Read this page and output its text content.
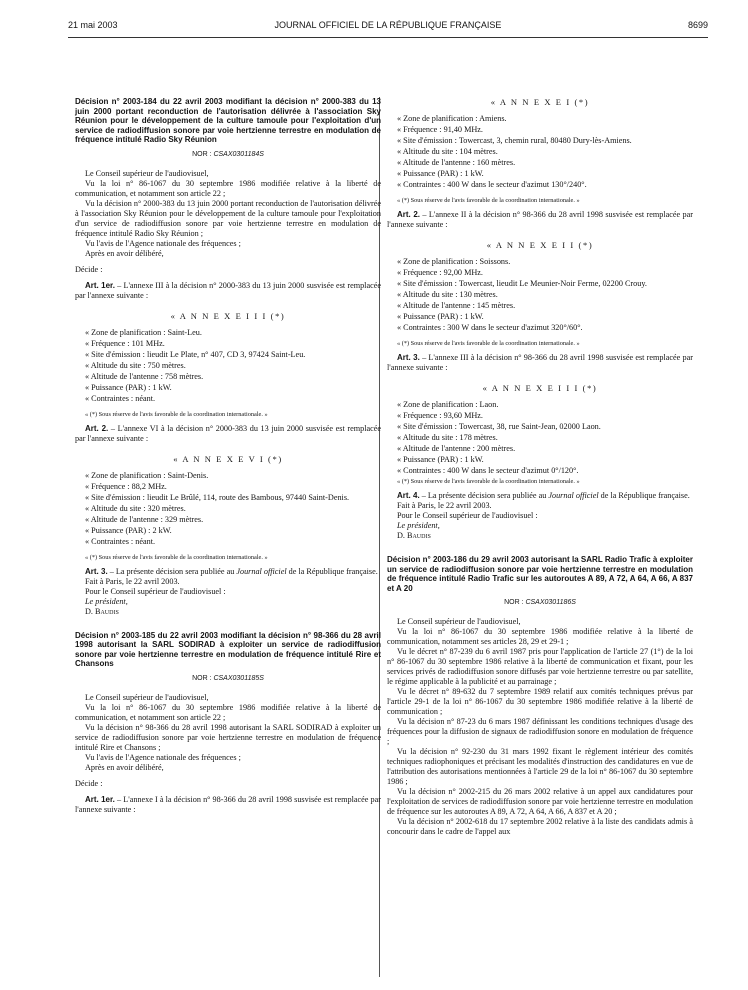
21 mai 2003	JOURNAL OFFICIEL DE LA RÉPUBLIQUE FRANÇAISE	8699

Décision n° 2003-184 du 22 avril 2003 modifiant la décision n° 2000-383 du 13 juin 2000 portant reconduction de l'autorisation délivrée à l'association Sky Réunion pour le développement de la culture tamoule pour l'exploitation d'un service de radiodiffusion sonore par voie hertzienne terrestre en modulation de fréquence intitulé Radio Sky Réunion

NOR : CSAX0301184S

Le Conseil supérieur de l'audiovisuel,

Vu la loi n° 86-1067 du 30 septembre 1986 modifiée relative à la liberté de communication, et notamment son article 22 ;

Vu la décision n° 2000-383 du 13 juin 2000 portant reconduction de l'autorisation délivrée à l'association Sky Réunion pour le développement de la culture tamoule pour l'exploitation d'un service de radiodiffusion sonore par voie hertzienne terrestre en modulation de fréquence intitulé Radio Sky Réunion ;

Vu l'avis de l'Agence nationale des fréquences ;

Après en avoir délibéré,

Décide :

Art. 1er. – L'annexe III à la décision n° 2000-383 du 13 juin 2000 susvisée est remplacée par l'annexe suivante :

« A N N E X E I I I (*)

« Zone de planification : Saint-Leu.

« Fréquence : 101 MHz.

« Site d'émission : lieudit Le Plate, n° 407, CD 3, 97424 Saint-Leu.

« Altitude du site : 750 mètres.

« Altitude de l'antenne : 758 mètres.

« Puissance (PAR) : 1 kW.

« Contraintes : néant.

« (*) Sous réserve de l'avis favorable de la coordination internationale. »

Art. 2. – L'annexe VI à la décision n° 2000-383 du 13 juin 2000 susvisée est remplacée par l'annexe suivante :

« A N N E X E V I (*)

« Zone de planification : Saint-Denis.

« Fréquence : 88,2 MHz.

« Site d'émission : lieudit Le Brûlé, 114, route des Bambous, 97440 Saint-Denis.

« Altitude du site : 320 mètres.

« Altitude de l'antenne : 329 mètres.

« Puissance (PAR) : 2 kW.

« Contraintes : néant.

« (*) Sous réserve de l'avis favorable de la coordination internationale. »

Art. 3. – La présente décision sera publiée au Journal officiel de la République française.

Fait à Paris, le 22 avril 2003.

Pour le Conseil supérieur de l'audiovisuel :

Le président,

D. Baudis

Décision n° 2003-185 du 22 avril 2003 modifiant la décision n° 98-366 du 28 avril 1998 autorisant la SARL SODIRAD à exploiter un service de radiodiffusion sonore par voie hertzienne terrestre en modulation de fréquence intitulé Rire et Chansons

NOR : CSAX0301185S

Le Conseil supérieur de l'audiovisuel,

Vu la loi n° 86-1067 du 30 septembre 1986 modifiée relative à la liberté de communication, et notamment son article 22 ;

Vu la décision n° 98-366 du 28 avril 1998 autorisant la SARL SODIRAD à exploiter un service de radiodiffusion sonore par voie hertzienne terrestre en modulation de fréquence intitulé Rire et Chansons ;

Vu l'avis de l'Agence nationale des fréquences ;

Après en avoir délibéré,

Décide :

Art. 1er. – L'annexe I à la décision n° 98-366 du 28 avril 1998 susvisée est remplacée par l'annexe suivante :

« A N N E X E I (*)

« Zone de planification : Amiens.

« Fréquence : 91,40 MHz.

« Site d'émission : Towercast, 3, chemin rural, 80480 Dury-lès-Amiens.

« Altitude du site : 104 mètres.

« Altitude de l'antenne : 160 mètres.

« Puissance (PAR) : 1 kW.

« Contraintes : 400 W dans le secteur d'azimut 130°/240°.

« (*) Sous réserve de l'avis favorable de la coordination internationale. »

Art. 2. – L'annexe II à la décision n° 98-366 du 28 avril 1998 susvisée est remplacée par l'annexe suivante :

« A N N E X E I I (*)

« Zone de planification : Soissons.

« Fréquence : 92,00 MHz.

« Site d'émission : Towercast, lieudit Le Meunier-Noir Ferme, 02200 Crouy.

« Altitude du site : 130 mètres.

« Altitude de l'antenne : 145 mètres.

« Puissance (PAR) : 1 kW.

« Contraintes : 300 W dans le secteur d'azimut 320°/60°.

« (*) Sous réserve de l'avis favorable de la coordination internationale. »

Art. 3. – L'annexe III à la décision n° 98-366 du 28 avril 1998 susvisée est remplacée par l'annexe suivante :

« A N N E X E I I I (*)

« Zone de planification : Laon.

« Fréquence : 93,60 MHz.

« Site d'émission : Towercast, 38, rue Saint-Jean, 02000 Laon.

« Altitude du site : 178 mètres.

« Altitude de l'antenne : 200 mètres.

« Puissance (PAR) : 1 kW.

« Contraintes : 400 W dans le secteur d'azimut 0°/120°.

« (*) Sous réserve de l'avis favorable de la coordination internationale. »

Art. 4. – La présente décision sera publiée au Journal officiel de la République française.

Fait à Paris, le 22 avril 2003.

Pour le Conseil supérieur de l'audiovisuel :

Le président,

D. Baudis

Décision n° 2003-186 du 29 avril 2003 autorisant la SARL Radio Trafic à exploiter un service de radiodiffusion sonore par voie hertzienne terrestre en modulation de fréquence intitulé Radio Trafic sur les autoroutes A 89, A 72, A 64, A 66, A 837 et A 20

NOR : CSAX0301186S

Le Conseil supérieur de l'audiovisuel,

Vu la loi n° 86-1067 du 30 septembre 1986 modifiée relative à la liberté de communication, notamment ses articles 28, 29 et 29-1 ;

Vu le décret n° 87-239 du 6 avril 1987 pris pour l'application de l'article 27 (1°) de la loi n° 86-1067 du 30 septembre 1986 relative à la liberté de communication et fixant, pour les services privés de radiodiffusion sonore diffusés par voie hertzienne terrestre ou par satellite, le régime applicable à la publicité et au parrainage ;

Vu le décret n° 89-632 du 7 septembre 1989 relatif aux comités techniques prévus par l'article 29-1 de la loi n° 86-1067 du 30 septembre 1986 modifiée relative à la liberté de communication ;

Vu la décision n° 87-23 du 6 mars 1987 définissant les conditions techniques d'usage des fréquences pour la diffusion de signaux de radiodiffusion sonore en modulation de fréquence ;

Vu la décision n° 92-230 du 31 mars 1992 fixant le règlement intérieur des comités techniques radiophoniques et précisant les modalités d'instruction des candidatures en vue de l'attribution des autorisations mentionnées à l'article 29 de la loi n° 86-1067 du 30 septembre 1986 ;

Vu la décision n° 2002-215 du 26 mars 2002 relative à un appel aux candidatures pour l'exploitation de services de radiodiffusion sonore par voie hertzienne terrestre en modulation de fréquence sur les autoroutes A 89, A 72, A 64, A 66, A 837 et A 20 ;

Vu la décision n° 2002-618 du 17 septembre 2002 relative à la liste des candidats admis à concourir dans le cadre de l'appel aux
